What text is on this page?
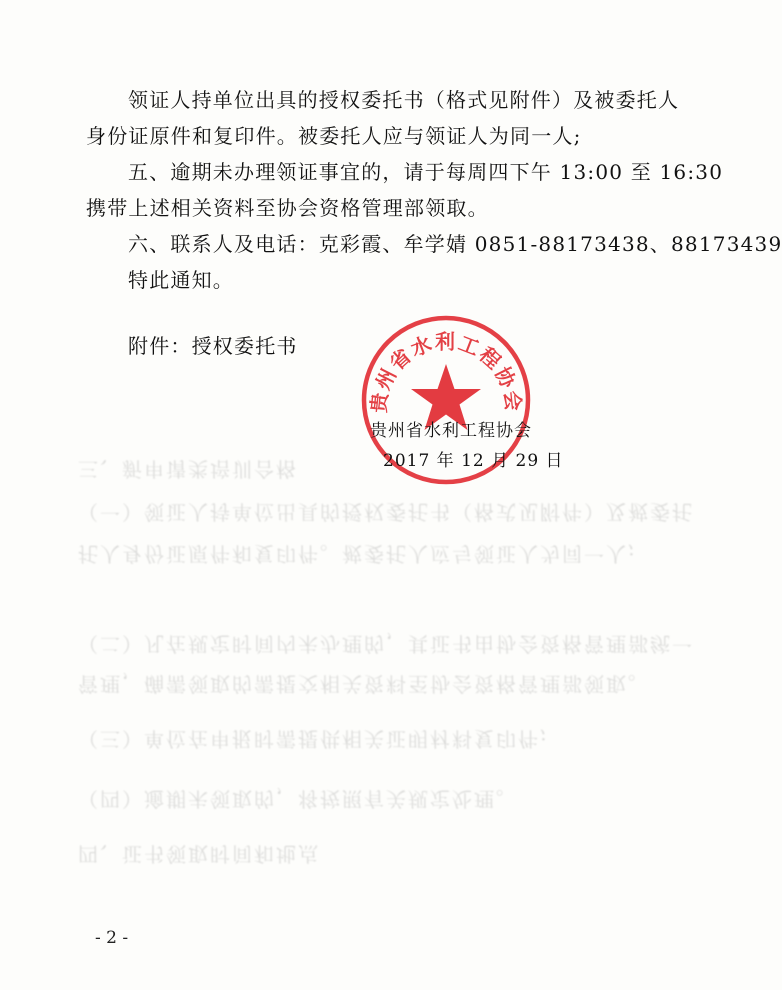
四、证书领取时间和地点
（四）逾期未领取的，将按照有关规定处理。
（三）单位在申报时需提供相关证明材料复印件;
管理，确需领取的需提交相关资料至协会资格管理部领取。
（二）凡在规定时间内未办理的，其证书由协会资格管理部统一
托人身份证原件和复印件。被委托人应与领证人为同一人;
（一）领证人持单位出具的授权委托书（格式见附件）及被委托
三、新申请类培训合格
领证人持单位出具的授权委托书（格式见附件）及被委托人
身份证原件和复印件。被委托人应与领证人为同一人;
五、逾期未办理领证事宜的，请于每周四下午 13:00 至 16:30
携带上述相关资料至协会资格管理部领取。
六、联系人及电话：克彩霞、牟学婧 0851-88173438、88173439
特此通知。
附件：授权委托书
贵州省水利工程协会
贵州省水利工程协会
2017 年 12 月 29 日
- 2 -
